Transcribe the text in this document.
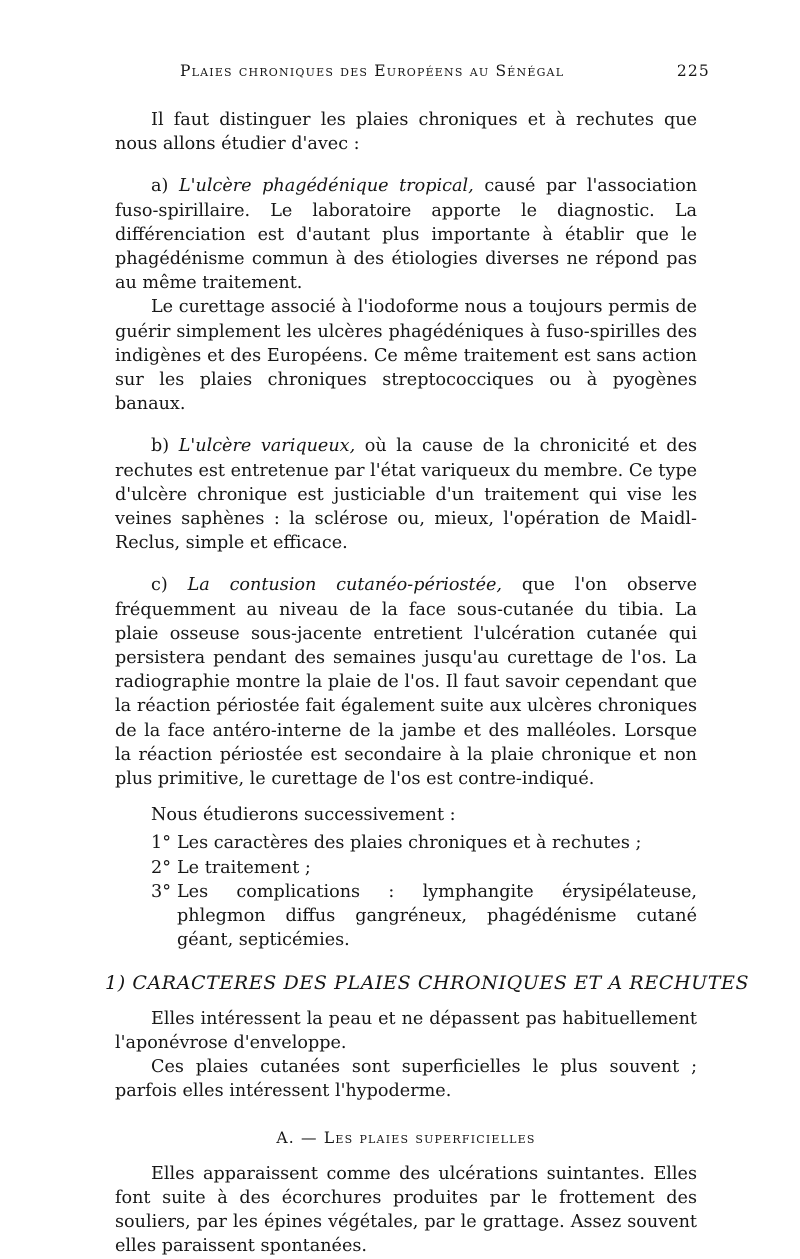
Plaies chroniques des Européens au Sénégal	225

Il faut distinguer les plaies chroniques et à rechutes que nous allons étudier d'avec :

a) L'ulcère phagédénique tropical, causé par l'association fuso-spirillaire. Le laboratoire apporte le diagnostic. La différenciation est d'autant plus importante à établir que le phagédénisme commun à des étiologies diverses ne répond pas au même traitement.

Le curettage associé à l'iodoforme nous a toujours permis de guérir simplement les ulcères phagédéniques à fuso-spirilles des indigènes et des Européens. Ce même traitement est sans action sur les plaies chroniques streptococciques ou à pyogènes banaux.

b) L'ulcère variqueux, où la cause de la chronicité et des rechutes est entretenue par l'état variqueux du membre. Ce type d'ulcère chronique est justiciable d'un traitement qui vise les veines saphènes : la sclérose ou, mieux, l'opération de Maidl-Reclus, simple et efficace.

c) La contusion cutanéo-périostée, que l'on observe fréquemment au niveau de la face sous-cutanée du tibia. La plaie osseuse sous-jacente entretient l'ulcération cutanée qui persistera pendant des semaines jusqu'au curettage de l'os. La radiographie montre la plaie de l'os. Il faut savoir cependant que la réaction périostée fait également suite aux ulcères chroniques de la face antéro-interne de la jambe et des malléoles. Lorsque la réaction périostée est secondaire à la plaie chronique et non plus primitive, le curettage de l'os est contre-indiqué.

Nous étudierons successivement :

1° Les caractères des plaies chroniques et à rechutes ;
2° Le traitement ;
3° Les complications : lymphangite érysipélateuse, phlegmon diffus gangréneux, phagédénisme cutané géant, septicémies.

1) CARACTERES DES PLAIES CHRONIQUES ET A RECHUTES

Elles intéressent la peau et ne dépassent pas habituellement l'aponévrose d'enveloppe.

Ces plaies cutanées sont superficielles le plus souvent ; parfois elles intéressent l'hypoderme.

A. — Les plaies superficielles

Elles apparaissent comme des ulcérations suintantes. Elles font suite à des écorchures produites par le frottement des souliers, par les épines végétales, par le grattage. Assez souvent elles paraissent spontanées.
